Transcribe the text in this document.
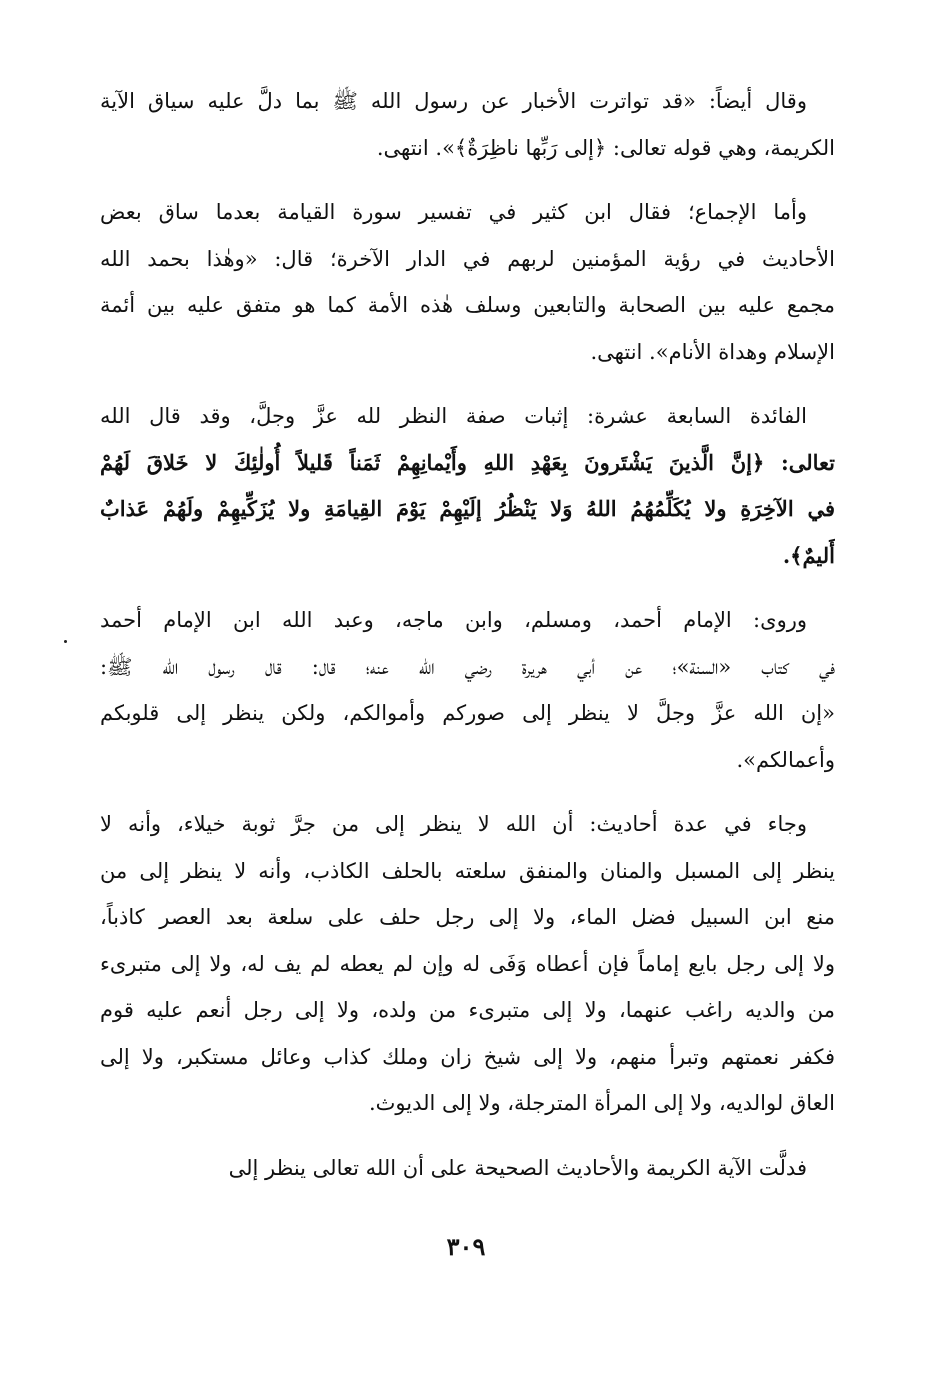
وقال أيضاً: «قد تواترت الأخبار عن رسول الله ﷺ بما دلَّ عليه سياق الآية
الكريمة، وهي قوله تعالى: ﴿إلى رَبِّها ناظِرَةٌ﴾». انتهى.
وأما الإجماع؛ فقال ابن كثير في تفسير سورة القيامة بعدما ساق بعض
الأحاديث في رؤية المؤمنين لربهم في الدار الآخرة؛ قال: «وهٰذا بحمد الله
مجمع عليه بين الصحابة والتابعين وسلف هٰذه الأمة كما هو متفق عليه بين أئمة
الإسلام وهداة الأنام». انتهى.
الفائدة السابعة عشرة: إثبات صفة النظر لله عزَّ وجلَّ، وقد قال الله
تعالى: ﴿إنَّ الَّذينَ يَشْتَرونَ بِعَهْدِ اللهِ وأَيْمانِهِمْ ثَمَناً قَليلاً أُولٰئِكَ لا خَلاقَ لَهُمْ
في الآخِرَةِ ولا يُكَلِّمُهُمُ اللهُ وَلا يَنْظُرُ إلَيْهِمْ يَوْمَ القِيامَةِ ولا يُزَكِّيهِمْ ولَهُمْ عَذابٌ
أَليمٌ﴾.
وروى: الإمام أحمد، ومسلم، وابن ماجه، وعبد الله ابن الإمام أحمد
في كتاب «السنة»؛ عن أبي هريرة رضي الله عنه؛ قال: قال رسول الله ﷺ:
«إن الله عزَّ وجلَّ لا ينظر إلى صوركم وأموالكم، ولكن ينظر إلى قلوبكم
وأعمالكم».
وجاء في عدة أحاديث: أن الله لا ينظر إلى من جرَّ ثوبة خيلاء، وأنه لا
ينظر إلى المسبل والمنان والمنفق سلعته بالحلف الكاذب، وأنه لا ينظر إلى من
منع ابن السبيل فضل الماء، ولا إلى رجل حلف على سلعة بعد العصر كاذباً،
ولا إلى رجل بايع إماماً فإن أعطاه وَفَى له وإن لم يعطه لم يف له، ولا إلى متبرىء
من والديه راغب عنهما، ولا إلى متبرىء من ولده، ولا إلى رجل أنعم عليه قوم
فكفر نعمتهم وتبرأ منهم، ولا إلى شيخ زان وملك كذاب وعائل مستكبر، ولا إلى
العاق لوالديه، ولا إلى المرأة المترجلة، ولا إلى الديوث.
فدلَّت الآية الكريمة والأحاديث الصحيحة على أن الله تعالى ينظر إلى
٣٠٩
